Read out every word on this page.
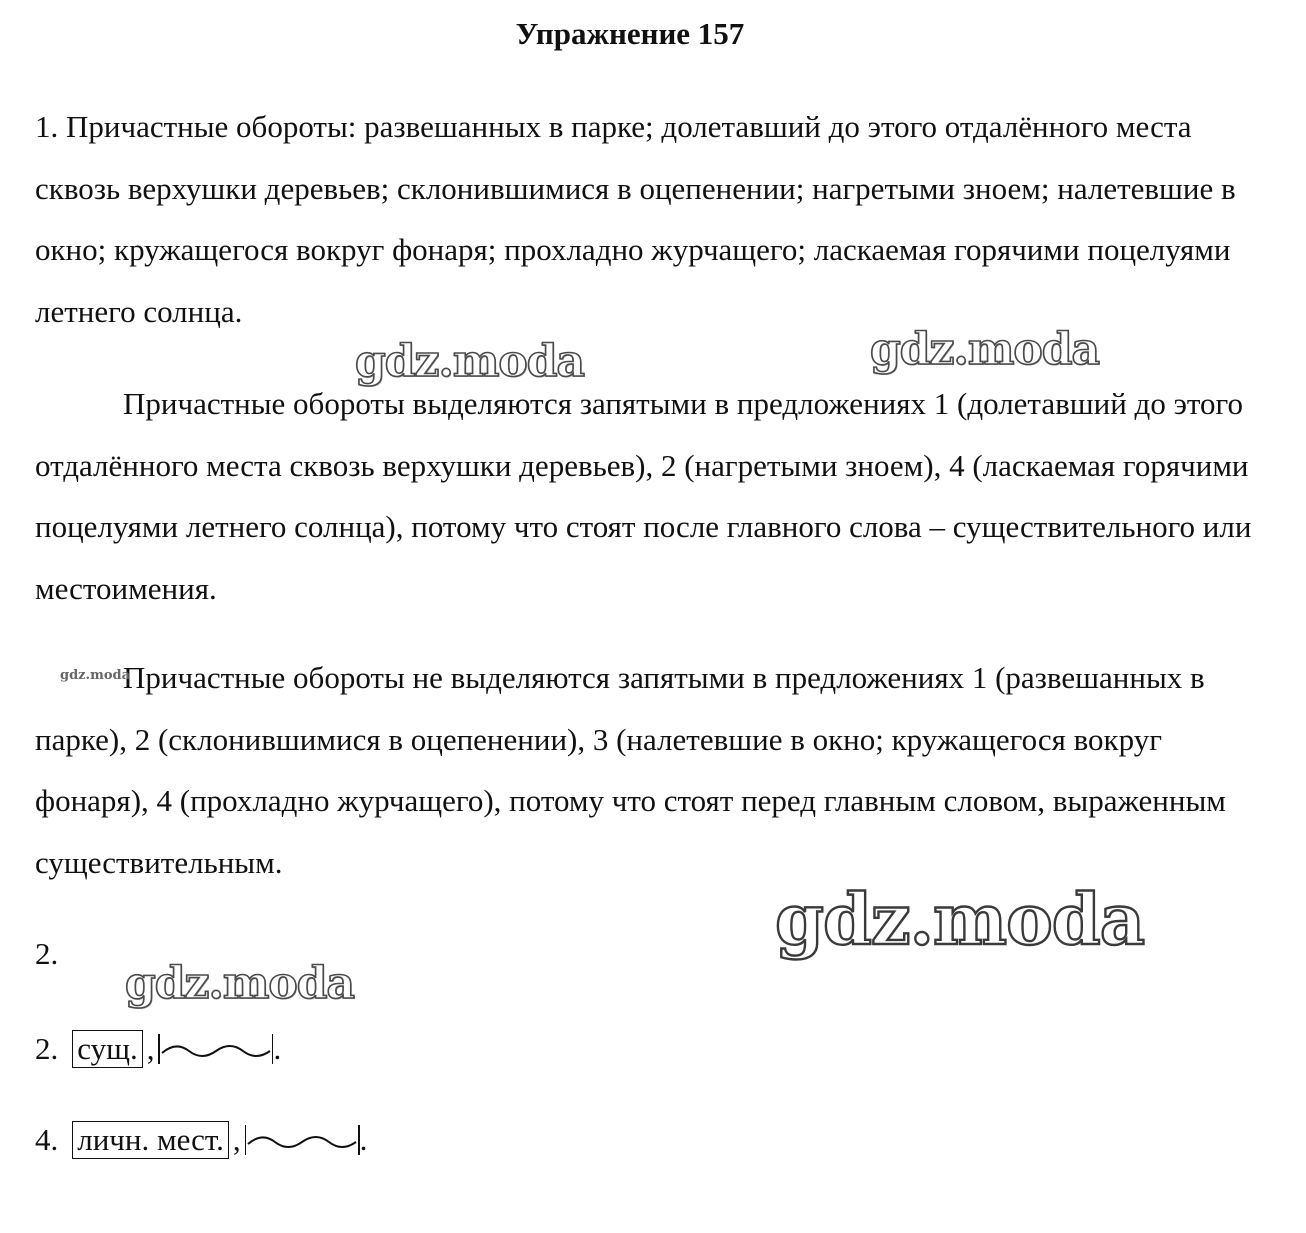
Упражнение 157

1. Причастные обороты: развешанных в парке; долетавший до этого отдалённого места сквозь верхушки деревьев; склонившимися в оцепенении; нагретыми зноем; налетевшие в окно; кружащегося вокруг фонаря; прохладно журчащего; ласкаемая горячими поцелуями летнего солнца.

Причастные обороты выделяются запятыми в предложениях 1 (долетавший до этого отдалённого места сквозь верхушки деревьев), 2 (нагретыми зноем), 4 (ласкаемая горячими поцелуями летнего солнца), потому что стоят после главного слова – существительного или местоимения.

Причастные обороты не выделяются запятыми в предложениях 1 (развешанных в парке), 2 (склонившимися в оцепенении), 3 (налетевшие в окно; кружащегося вокруг фонаря), 4 (прохладно журчащего), потому что стоят перед главным словом, выраженным существительным.

2.
2. сущ. ,	.
4. личн. мест. ,	.
gdz.moda	gdz.moda
gdz.moda
gdz.moda
gdz.moda
